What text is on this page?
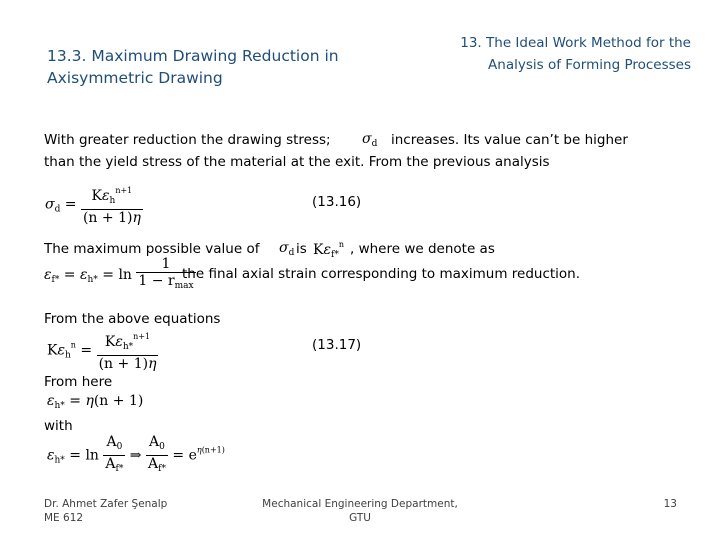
13.3. Maximum Drawing Reduction in Axisymmetric Drawing
13. The Ideal Work Method for the Analysis of Forming Processes
With greater reduction the drawing stress; $\sigma_d$ increases. Its value can’t be higher
than the yield stress of the material at the exit. From the previous analysis
$\sigma_d = \frac{K\varepsilon_h^{n+1}}{(n + 1)\eta}$	(13.16)
The maximum possible value of $\sigma_d$ is $K\varepsilon_{f*}^n$ , where we denote as
$\varepsilon_{f*} = \varepsilon_{h*} = \ln \frac{1}{1 - r_{max}}$
the final axial strain corresponding to maximum reduction.
From the above equations
$K\varepsilon_h^n = \frac{K\varepsilon_{h*}^{n+1}}{(n + 1)\eta}$	(13.17)
From here
$\varepsilon_{h*} = \eta(n + 1)$
with
$\varepsilon_{h*} = \ln \frac{A_0}{A_{f*}}$ ⇒ $\frac{A_0}{A_{f*}} = e^{\eta(n+1)}$
Dr. Ahmet Zafer Şenalp
ME 612
Mechanical Engineering Department,
GTU
13
